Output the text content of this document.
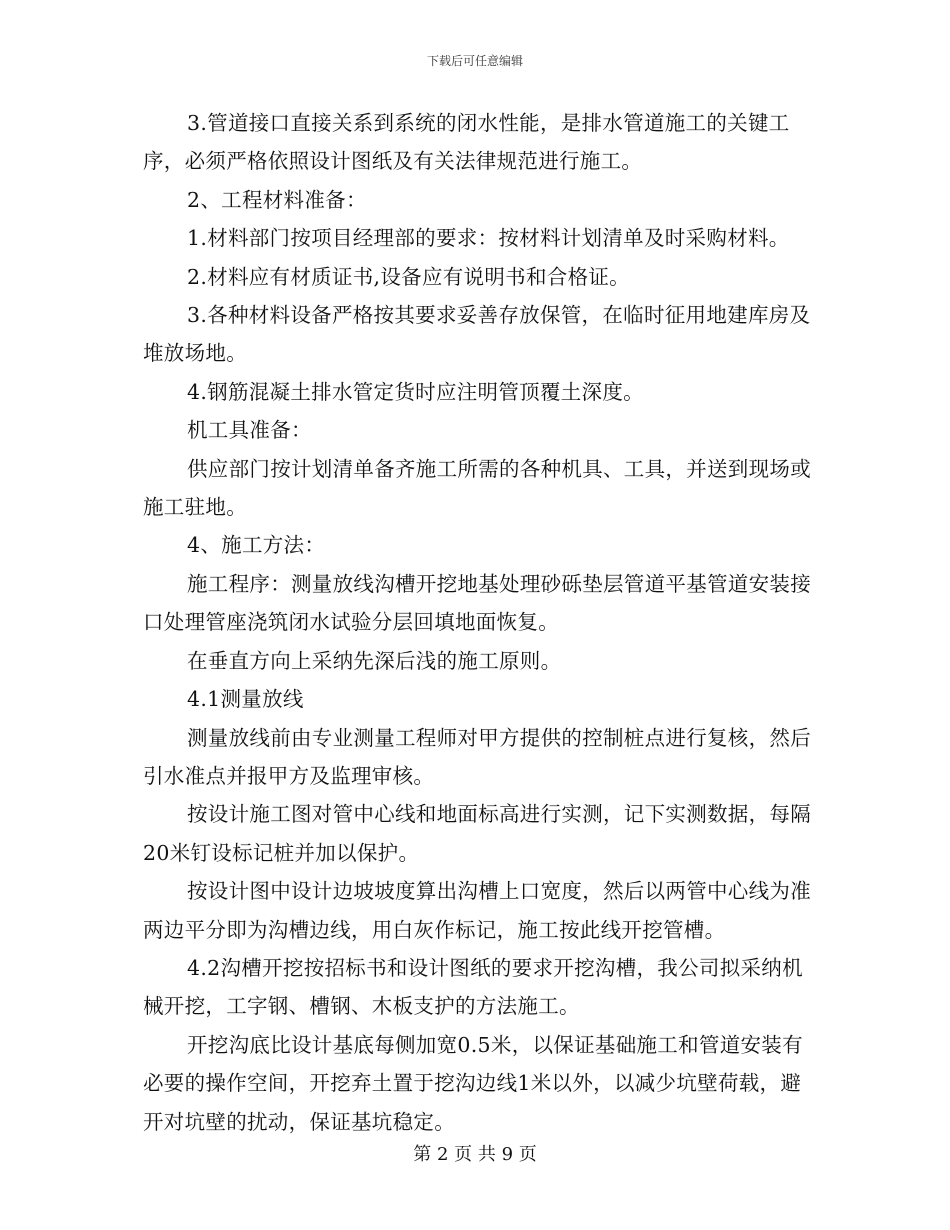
下载后可任意编辑

3.管道接口直接关系到系统的闭水性能，是排水管道施工的关键工序，必须严格依照设计图纸及有关法律规范进行施工。

2、工程材料准备：

1.材料部门按项目经理部的要求：按材料计划清单及时采购材料。

2.材料应有材质证书,设备应有说明书和合格证。

3.各种材料设备严格按其要求妥善存放保管，在临时征用地建库房及堆放场地。

4.钢筋混凝土排水管定货时应注明管顶覆土深度。

机工具准备：

供应部门按计划清单备齐施工所需的各种机具、工具，并送到现场或施工驻地。

4、施工方法：

施工程序：测量放线沟槽开挖地基处理砂砾垫层管道平基管道安装接口处理管座浇筑闭水试验分层回填地面恢复。

在垂直方向上采纳先深后浅的施工原则。

4.1测量放线

测量放线前由专业测量工程师对甲方提供的控制桩点进行复核，然后引水准点并报甲方及监理审核。

按设计施工图对管中心线和地面标高进行实测，记下实测数据，每隔20米钉设标记桩并加以保护。

按设计图中设计边坡坡度算出沟槽上口宽度，然后以两管中心线为准两边平分即为沟槽边线，用白灰作标记，施工按此线开挖管槽。

4.2沟槽开挖按招标书和设计图纸的要求开挖沟槽，我公司拟采纳机械开挖，工字钢、槽钢、木板支护的方法施工。

开挖沟底比设计基底每侧加宽0.5米，以保证基础施工和管道安装有必要的操作空间，开挖弃土置于挖沟边线1米以外，以减少坑壁荷载，避开对坑壁的扰动，保证基坑稳定。

第 2 页 共 9 页
